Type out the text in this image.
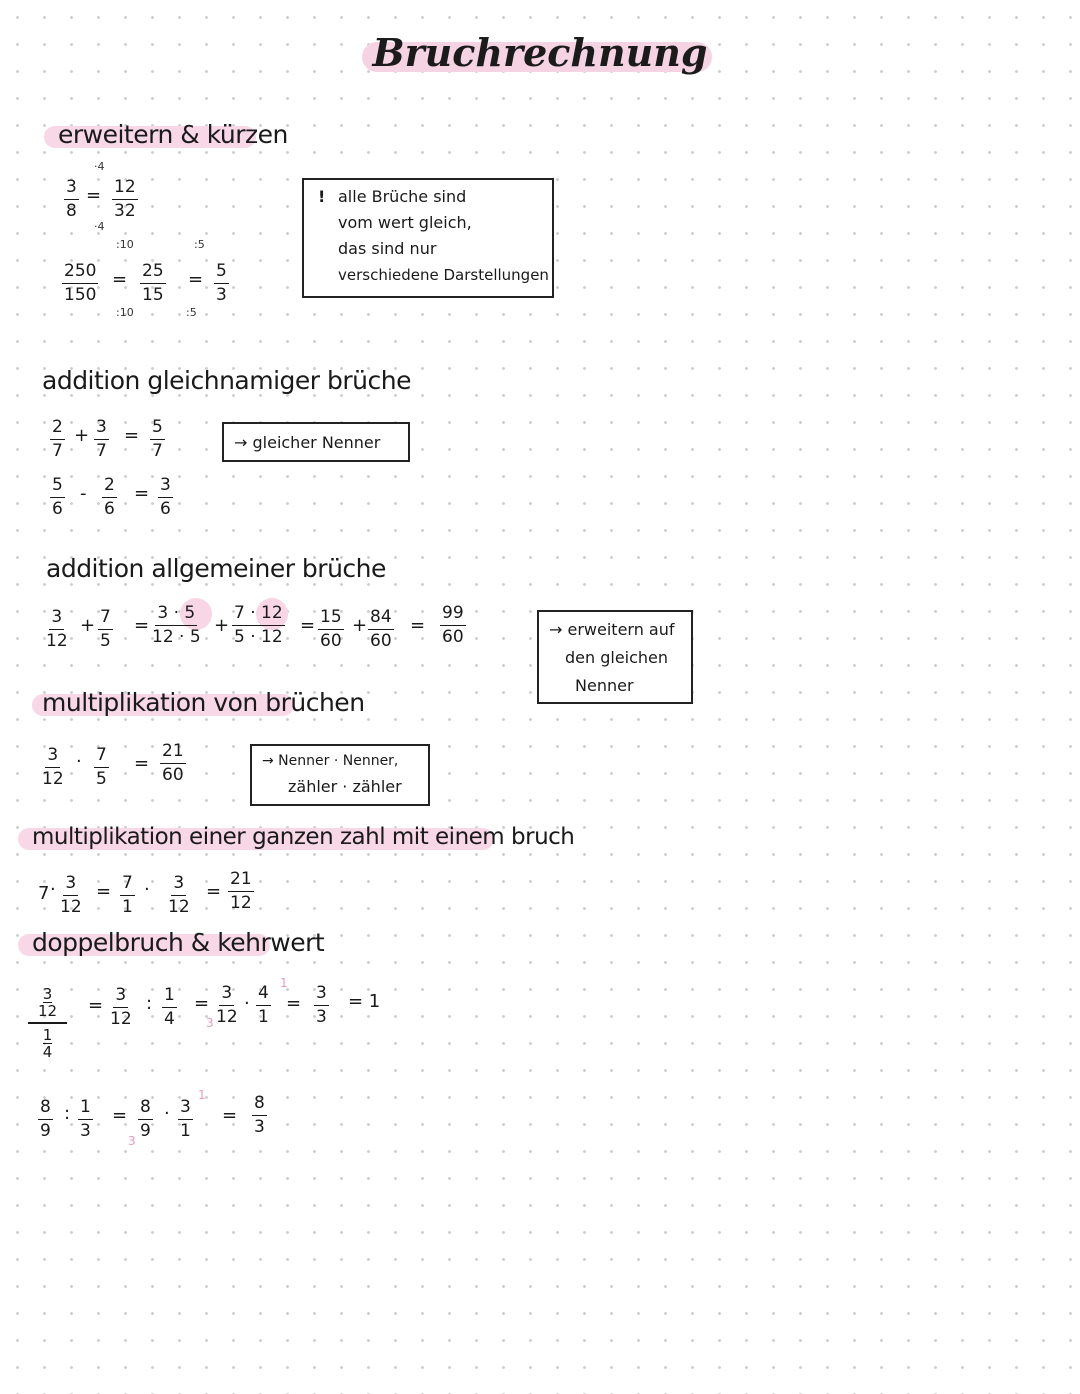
Bruchrechnung
erweitern & kürzen
·4
$\frac{3}{8} = \frac{12}{32}$
·4
:10
$\frac{250}{150} = \frac{25}{15}$
:10
:5
= $\frac{5}{3}$
:5
! alle Brüche sind
vom wert gleich,
das sind nur
verschiedene Darstellungen
addition gleichnamiger brüche
$\frac{2}{7} + \frac{3}{7} = \frac{5}{7}$	→ gleicher Nenner
$\frac{5}{6} - \frac{2}{6} = \frac{3}{6}$
addition allgemeiner brüche
$\frac{3}{12} + \frac{7}{5} = \frac{3 \cdot 5}{12 \cdot 5} + \frac{7 \cdot 12}{5 \cdot 12} = \frac{15}{60} + \frac{84}{60} = \frac{99}{60}$	→ erweitern auf
den gleichen
Nenner
multiplikation von brüchen
$\frac{3}{12} \cdot \frac{7}{5} = \frac{21}{60}$	→ Nenner · Nenner,
zähler · zähler
multiplikation einer ganzen zahl mit einem bruch
$7 \cdot \frac{3}{12} = \frac{7}{1} \cdot \frac{3}{12} = \frac{21}{12}$
doppelbruch & kehrwert
3
12
1
$4 = \frac{3}{12}$ : $\frac{1}{4} = \frac{3}{12} \cdot \frac{4}{1}$
1
3
= $\frac{3}{3} = 1$
$\frac{8}{9}$ : $\frac{1}{3} = \frac{8}{9} \cdot \frac{3}{1}$
1
3
= $\frac{8}{3}$
